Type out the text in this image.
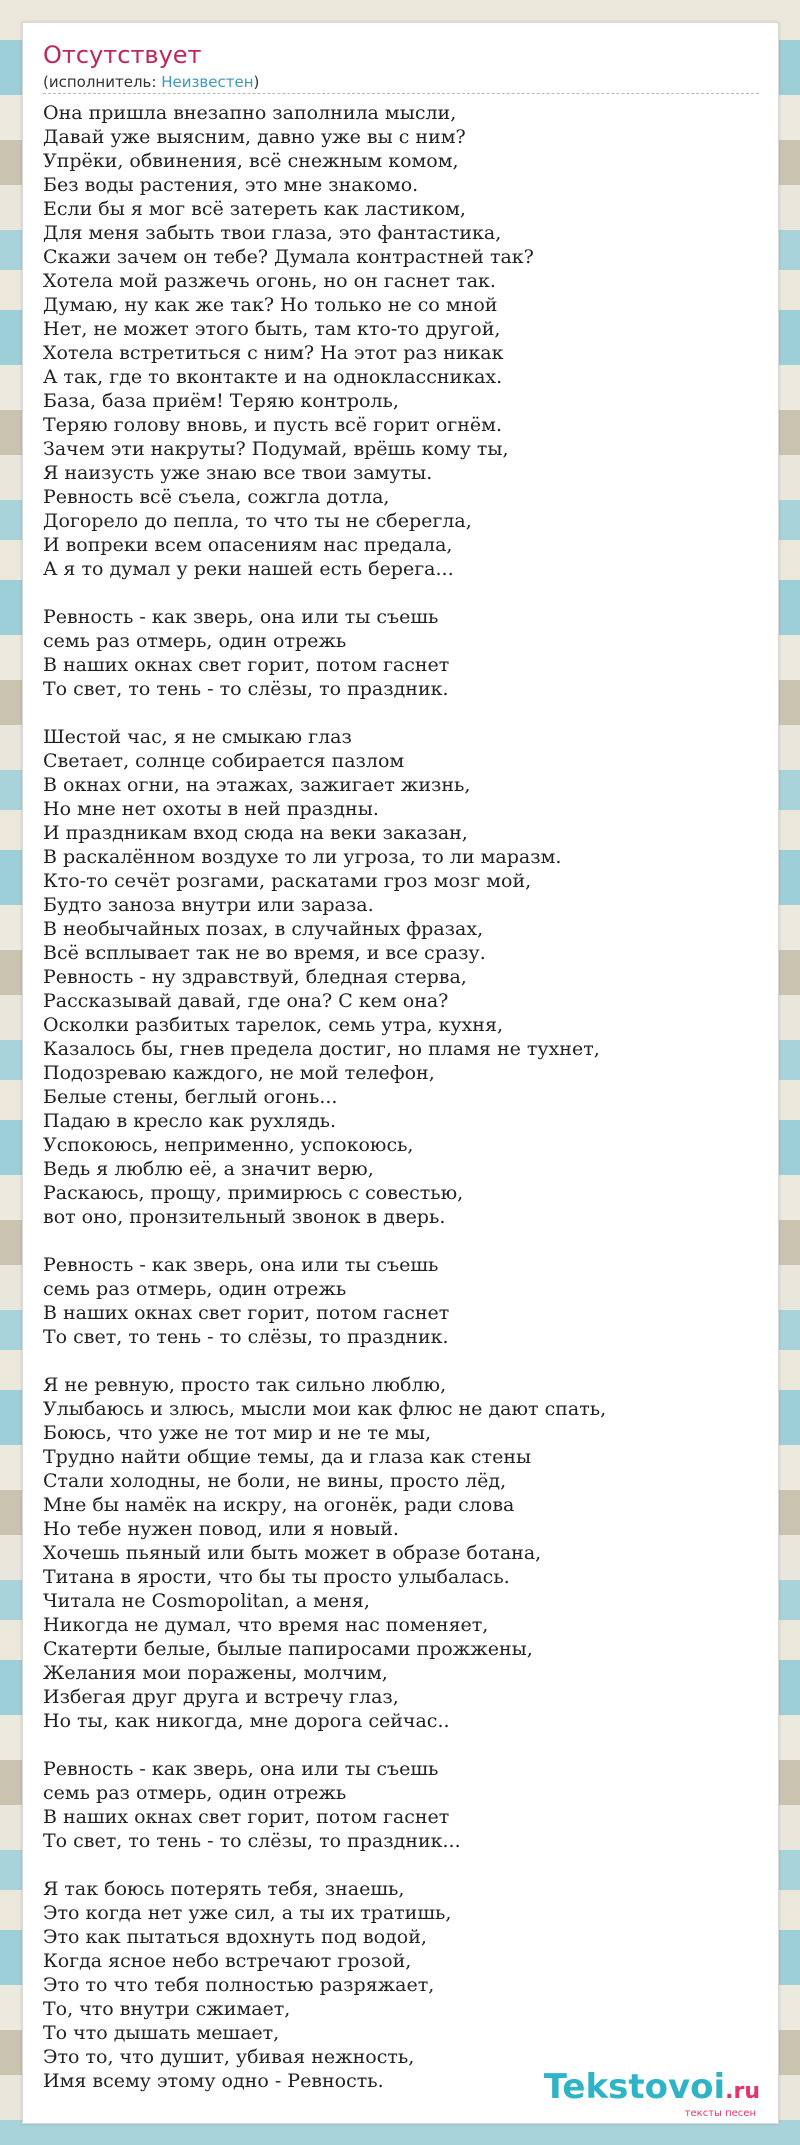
Отсутствует
(исполнитель: Неизвестен)
Она пришла внезапно заполнила мысли,
Давай уже выясним, давно уже вы с ним?
Упрёки, обвинения, всё снежным комом,
Без воды растения, это мне знакомо.
Если бы я мог всё затереть как ластиком,
Для меня забыть твои глаза, это фантастика,
Скажи зачем он тебе? Думала контрастней так?
Хотела мой разжечь огонь, но он гаснет так.
Думаю, ну как же так? Но только не со мной
Нет, не может этого быть, там кто-то другой,
Хотела встретиться с ним? На этот раз никак
А так, где то вконтакте и на одноклассниках.
База, база приём! Теряю контроль,
Теряю голову вновь, и пусть всё горит огнём.
Зачем эти накруты? Подумай, врёшь кому ты,
Я наизусть уже знаю все твои замуты.
Ревность всё съела, сожгла дотла,
Догорело до пепла, то что ты не сберегла,
И вопреки всем опасениям нас предала,
А я то думал у реки нашей есть берега...
Ревность - как зверь, она или ты съешь
семь раз отмерь, один отрежь
В наших окнах свет горит, потом гаснет
То свет, то тень - то слёзы, то праздник.
Шестой час, я не смыкаю глаз
Светает, солнце собирается пазлом
В окнах огни, на этажах, зажигает жизнь,
Но мне нет охоты в ней праздны.
И праздникам вход сюда на веки заказан,
В раскалённом воздухе то ли угроза, то ли маразм.
Кто-то сечёт розгами, раскатами гроз мозг мой,
Будто заноза внутри или зараза.
В необычайных позах, в случайных фразах,
Всё всплывает так не во время, и все сразу.
Ревность - ну здравствуй, бледная стерва,
Рассказывай давай, где она? С кем она?
Осколки разбитых тарелок, семь утра, кухня,
Казалось бы, гнев предела достиг, но пламя не тухнет,
Подозреваю каждого, не мой телефон,
Белые стены, беглый огонь...
Падаю в кресло как рухлядь.
Успокоюсь, неприменно, успокоюсь,
Ведь я люблю её, а значит верю,
Раскаюсь, прощу, примирюсь с совестью,
вот оно, пронзительный звонок в дверь.
Ревность - как зверь, она или ты съешь
семь раз отмерь, один отрежь
В наших окнах свет горит, потом гаснет
То свет, то тень - то слёзы, то праздник.
Я не ревную, просто так сильно люблю,
Улыбаюсь и злюсь, мысли мои как флюс не дают спать,
Боюсь, что уже не тот мир и не те мы,
Трудно найти общие темы, да и глаза как стены
Стали холодны, не боли, не вины, просто лёд,
Мне бы намёк на искру, на огонёк, ради слова
Но тебе нужен повод, или я новый.
Хочешь пьяный или быть может в образе ботана,
Титана в ярости, что бы ты просто улыбалась.
Читала не Cosmopolitan, а меня,
Никогда не думал, что время нас поменяет,
Скатерти белые, былые папиросами прожжены,
Желания мои поражены, молчим,
Избегая друг друга и встречу глаз,
Но ты, как никогда, мне дорога сейчас..
Ревность - как зверь, она или ты съешь
семь раз отмерь, один отрежь
В наших окнах свет горит, потом гаснет
То свет, то тень - то слёзы, то праздник...
Я так боюсь потерять тебя, знаешь,
Это когда нет уже сил, а ты их тратишь,
Это как пытаться вдохнуть под водой,
Когда ясное небо встречают грозой,
Это то что тебя полностью разряжает,
То, что внутри сжимает,
То что дышать мешает,
Это то, что душит, убивая нежность,
Имя всему этому одно - Ревность.	Tekstovoi.ru
тексты песен
